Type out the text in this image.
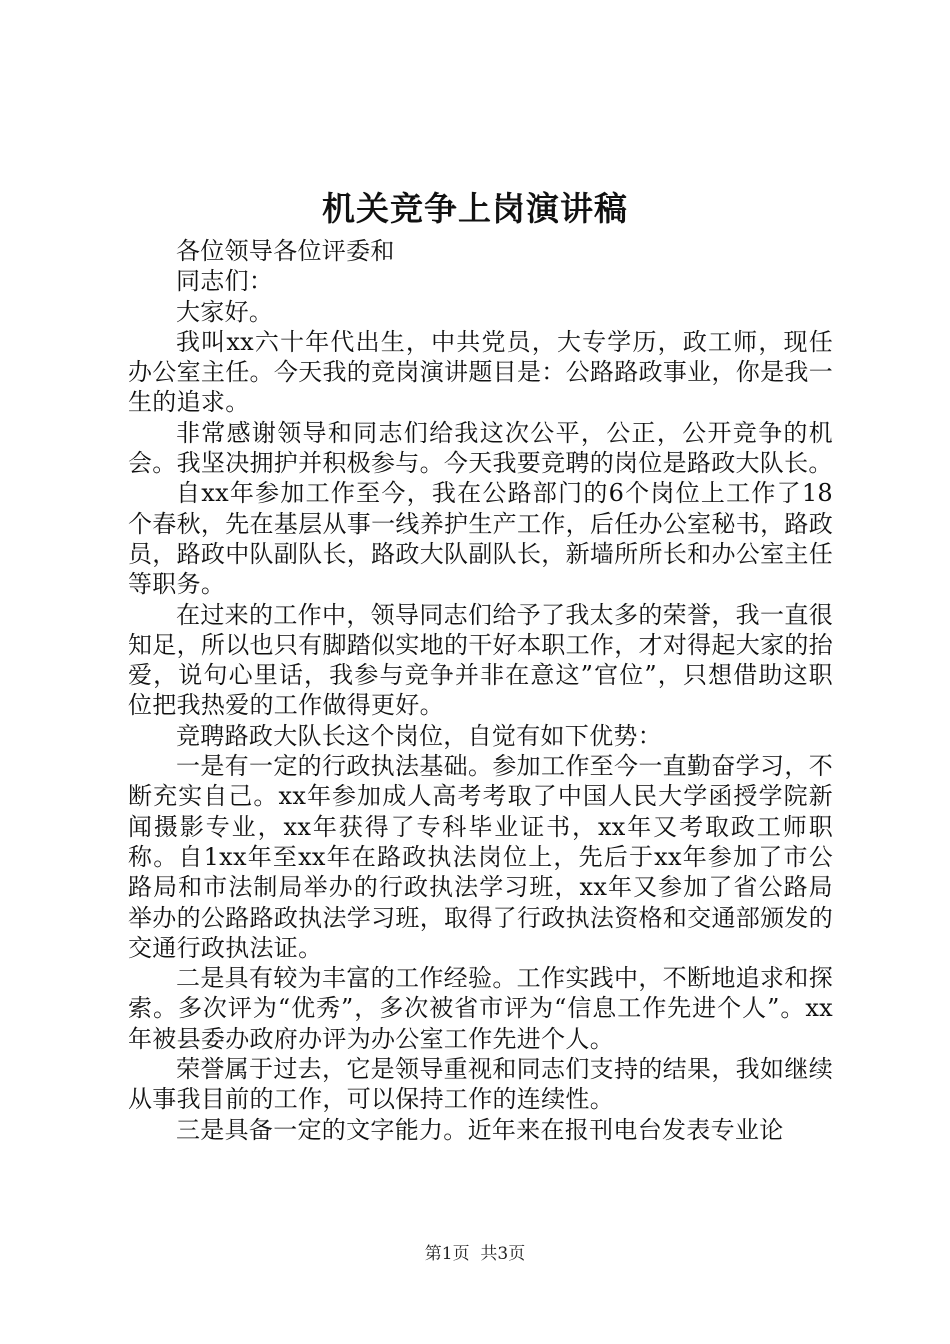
机关竞争上岗演讲稿

各位领导各位评委和

同志们：

大家好。

我叫xx六十年代出生，中共党员，大专学历，政工师，现任办公室主任。今天我的竞岗演讲题目是：公路路政事业，你是我一生的追求。

非常感谢领导和同志们给我这次公平，公正，公开竞争的机会。我坚决拥护并积极参与。今天我要竞聘的岗位是路政大队长。

自xx年参加工作至今，我在公路部门的6个岗位上工作了18个春秋，先在基层从事一线养护生产工作，后任办公室秘书，路政员，路政中队副队长，路政大队副队长，新墙所所长和办公室主任等职务。

在过来的工作中，领导同志们给予了我太多的荣誉，我一直很知足，所以也只有脚踏似实地的干好本职工作，才对得起大家的抬爱，说句心里话，我参与竞争并非在意这”官位”，只想借助这职位把我热爱的工作做得更好。

竞聘路政大队长这个岗位，自觉有如下优势：

一是有一定的行政执法基础。参加工作至今一直勤奋学习，不断充实自己。xx年参加成人高考考取了中国人民大学函授学院新闻摄影专业，xx年获得了专科毕业证书，xx年又考取政工师职称。自1xx年至xx年在路政执法岗位上，先后于xx年参加了市公路局和市法制局举办的行政执法学习班，xx年又参加了省公路局举办的公路路政执法学习班，取得了行政执法资格和交通部颁发的交通行政执法证。

二是具有较为丰富的工作经验。工作实践中，不断地追求和探索。多次评为“优秀”，多次被省市评为“信息工作先进个人”。xx年被县委办政府办评为办公室工作先进个人。

荣誉属于过去，它是领导重视和同志们支持的结果，我如继续从事我目前的工作，可以保持工作的连续性。

三是具备一定的文字能力。近年来在报刊电台发表专业论

第1页 共3页
